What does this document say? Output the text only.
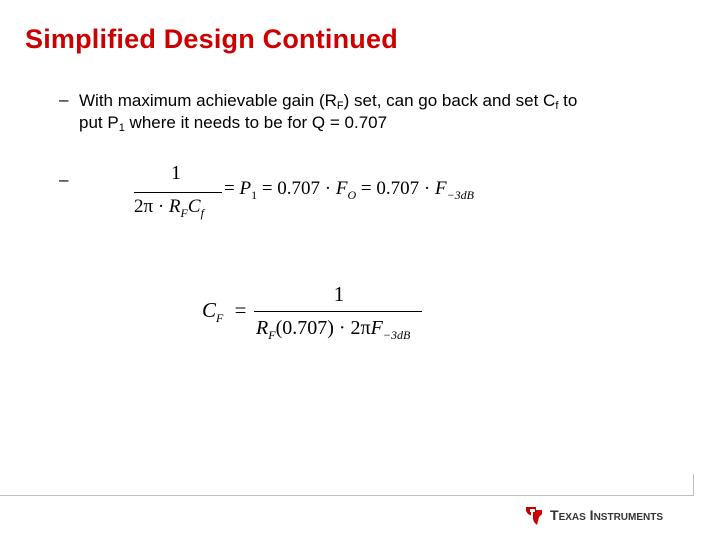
Simplified Design Continued
– With maximum achievable gain $(R_F)$ set, can go back and set $C_f$ to
put $P_1$ where it needs to be for Q = 0.707
–	1
$2\pi \cdot R_FC_f$
= $P_1 = 0.707 \cdot F_O = 0.707 \cdot F_{-3dB}$
$C_F$ =
1
$R_F(0.707) \cdot 2\pi F_{-3dB}$
TEXAS INSTRUMENTS
